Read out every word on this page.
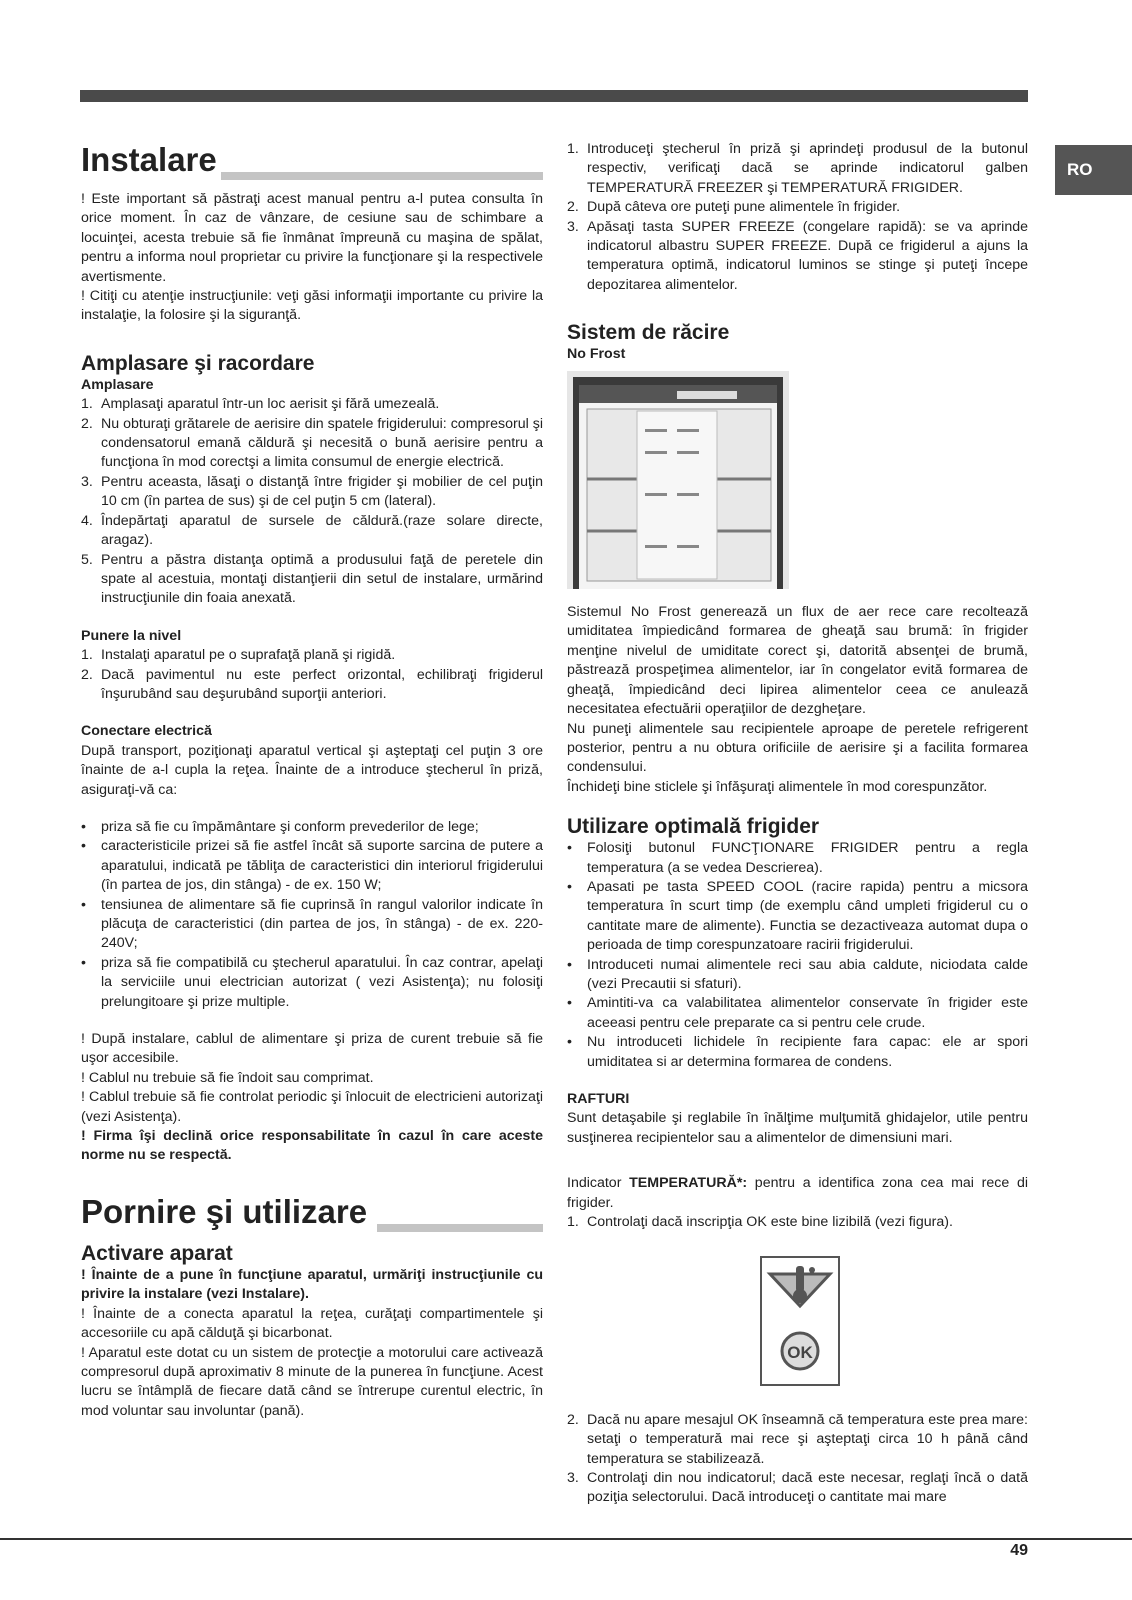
RO
Instalare

! Este important să păstraţi acest manual pentru a-l putea consulta în orice moment. În caz de vânzare, de cesiune sau de schimbare a locuinţei, acesta trebuie să fie înmânat împreună cu maşina de spălat, pentru a informa noul proprietar cu privire la funcţionare şi la respectivele avertismente.

! Citiţi cu atenţie instrucţiunile: veţi găsi informaţii importante cu privire la instalaţie, la folosire şi la siguranţă.

Amplasare şi racordare
Amplasare
1. Amplasaţi aparatul într-un loc aerisit şi fără umezeală.
2. Nu obturaţi grătarele de aerisire din spatele frigiderului: compresorul şi condensatorul emană căldură şi necesită o bună aerisire pentru a funcţiona în mod corectşi a limita consumul de energie electrică.
3. Pentru aceasta, lăsaţi o distanţă între frigider şi mobilier de cel puţin 10 cm (în partea de sus) şi de cel puţin 5 cm (lateral).
4. Îndepărtaţi aparatul de sursele de căldură.(raze solare directe, aragaz).
5. Pentru a păstra distanţa optimă a produsului faţă de peretele din spate al acestuia, montaţi distanţierii din setul de instalare, urmărind instrucţiunile din foaia anexată.
Punere la nivel
1. Instalaţi aparatul pe o suprafaţă plană şi rigidă.
2. Dacă pavimentul nu este perfect orizontal, echilibraţi frigiderul înşurubând sau deşurubând suporţii anteriori.
Conectare electrică

După transport, poziţionaţi aparatul vertical şi aşteptaţi cel puţin 3 ore înainte de a-l cupla la reţea. Înainte de a introduce ştecherul în priză, asiguraţi-vă ca:

• priza să fie cu împământare şi conform prevederilor de lege;
• caracteristicile prizei să fie astfel încât să suporte sarcina de putere a aparatului, indicată pe tăbliţa de caracteristici din interiorul frigiderului (în partea de jos, din stânga) - de ex. 150 W;
• tensiunea de alimentare să fie cuprinsă în rangul valorilor indicate în plăcuţa de caracteristici (din partea de jos, în stânga) - de ex. 220-240V;
• priza să fie compatibilă cu ştecherul aparatului. În caz contrar, apelaţi la serviciile unui electrician autorizat ( vezi Asistenţa); nu folosiţi prelungitoare şi prize multiple.

! După instalare, cablul de alimentare şi priza de curent trebuie să fie uşor accesibile.

! Cablul nu trebuie să fie îndoit sau comprimat.

! Cablul trebuie să fie controlat periodic şi înlocuit de electricieni autorizaţi (vezi Asistenţa).

! Firma îşi declină orice responsabilitate în cazul în care aceste norme nu se respectă.

Pornire şi utilizare
Activare aparat

! Înainte de a pune în funcţiune aparatul, urmăriţi instrucţiunile cu privire la instalare (vezi Instalare).

! Înainte de a conecta aparatul la reţea, curăţaţi compartimentele şi accesoriile cu apă călduţă şi bicarbonat.

! Aparatul este dotat cu un sistem de protecţie a motorului care activează compresorul după aproximativ 8 minute de la punerea în funcţiune. Acest lucru se întâmplă de fiecare dată când se întrerupe curentul electric, în mod voluntar sau involuntar (pană).

1. Introduceţi ştecherul în priză şi aprindeţi produsul de la butonul respectiv, verificaţi dacă se aprinde indicatorul galben TEMPERATURĂ FREEZER şi TEMPERATURĂ FRIGIDER.
2. După câteva ore puteţi pune alimentele în frigider.
3. Apăsaţi tasta SUPER FREEZE (congelare rapidă): se va aprinde indicatorul albastru SUPER FREEZE. După ce frigiderul a ajuns la temperatura optimă, indicatorul luminos se stinge şi puteţi începe depozitarea alimentelor.
Sistem de răcire
No Frost

Sistemul No Frost generează un flux de aer rece care recoltează umiditatea împiedicând formarea de gheaţă sau brumă: în frigider menţine nivelul de umiditate corect şi, datorită absenţei de brumă, păstrează prospeţimea alimentelor, iar în congelator evită formarea de gheaţă, împiedicând deci lipirea alimentelor ceea ce anulează necesitatea efectuării operaţiilor de dezgheţare.

Nu puneţi alimentele sau recipientele aproape de peretele refrigerent posterior, pentru a nu obtura orificiile de aerisire şi a facilita formarea condensului.

Închideţi bine sticlele şi înfăşuraţi alimentele în mod corespunzător.

Utilizare optimală frigider
• Folosiţi butonul FUNCŢIONARE FRIGIDER pentru a regla temperatura (a se vedea Descrierea).
• Apasati pe tasta SPEED COOL (racire rapida) pentru a micsora temperatura în scurt timp (de exemplu când umpleti frigiderul cu o cantitate mare de alimente). Functia se dezactiveaza automat dupa o perioada de timp corespunzatoare racirii frigiderului.
• Introduceti numai alimentele reci sau abia caldute, niciodata calde (vezi Precautii si sfaturi).
• Amintiti-va ca valabilitatea alimentelor conservate în frigider este aceeasi pentru cele preparate ca si pentru cele crude.
• Nu introduceti lichidele în recipiente fara capac: ele ar spori umiditatea si ar determina formarea de condens.
RAFTURI

Sunt detaşabile şi reglabile în înălţime mulţumită ghidajelor, utile pentru susţinerea recipientelor sau a alimentelor de dimensiuni mari.

Indicator TEMPERATURĂ*: pentru a identifica zona cea mai rece di frigider.

1. Controlaţi dacă inscripţia OK este bine lizibilă (vezi figura).
OK
2. Dacă nu apare mesajul OK înseamnă că temperatura este prea mare: setaţi o temperatură mai rece şi aşteptaţi circa 10 h până când temperatura se stabilizează.
3. Controlaţi din nou indicatorul; dacă este necesar, reglaţi încă o dată poziţia selectorului. Dacă introduceţi o cantitate mai mare
49
